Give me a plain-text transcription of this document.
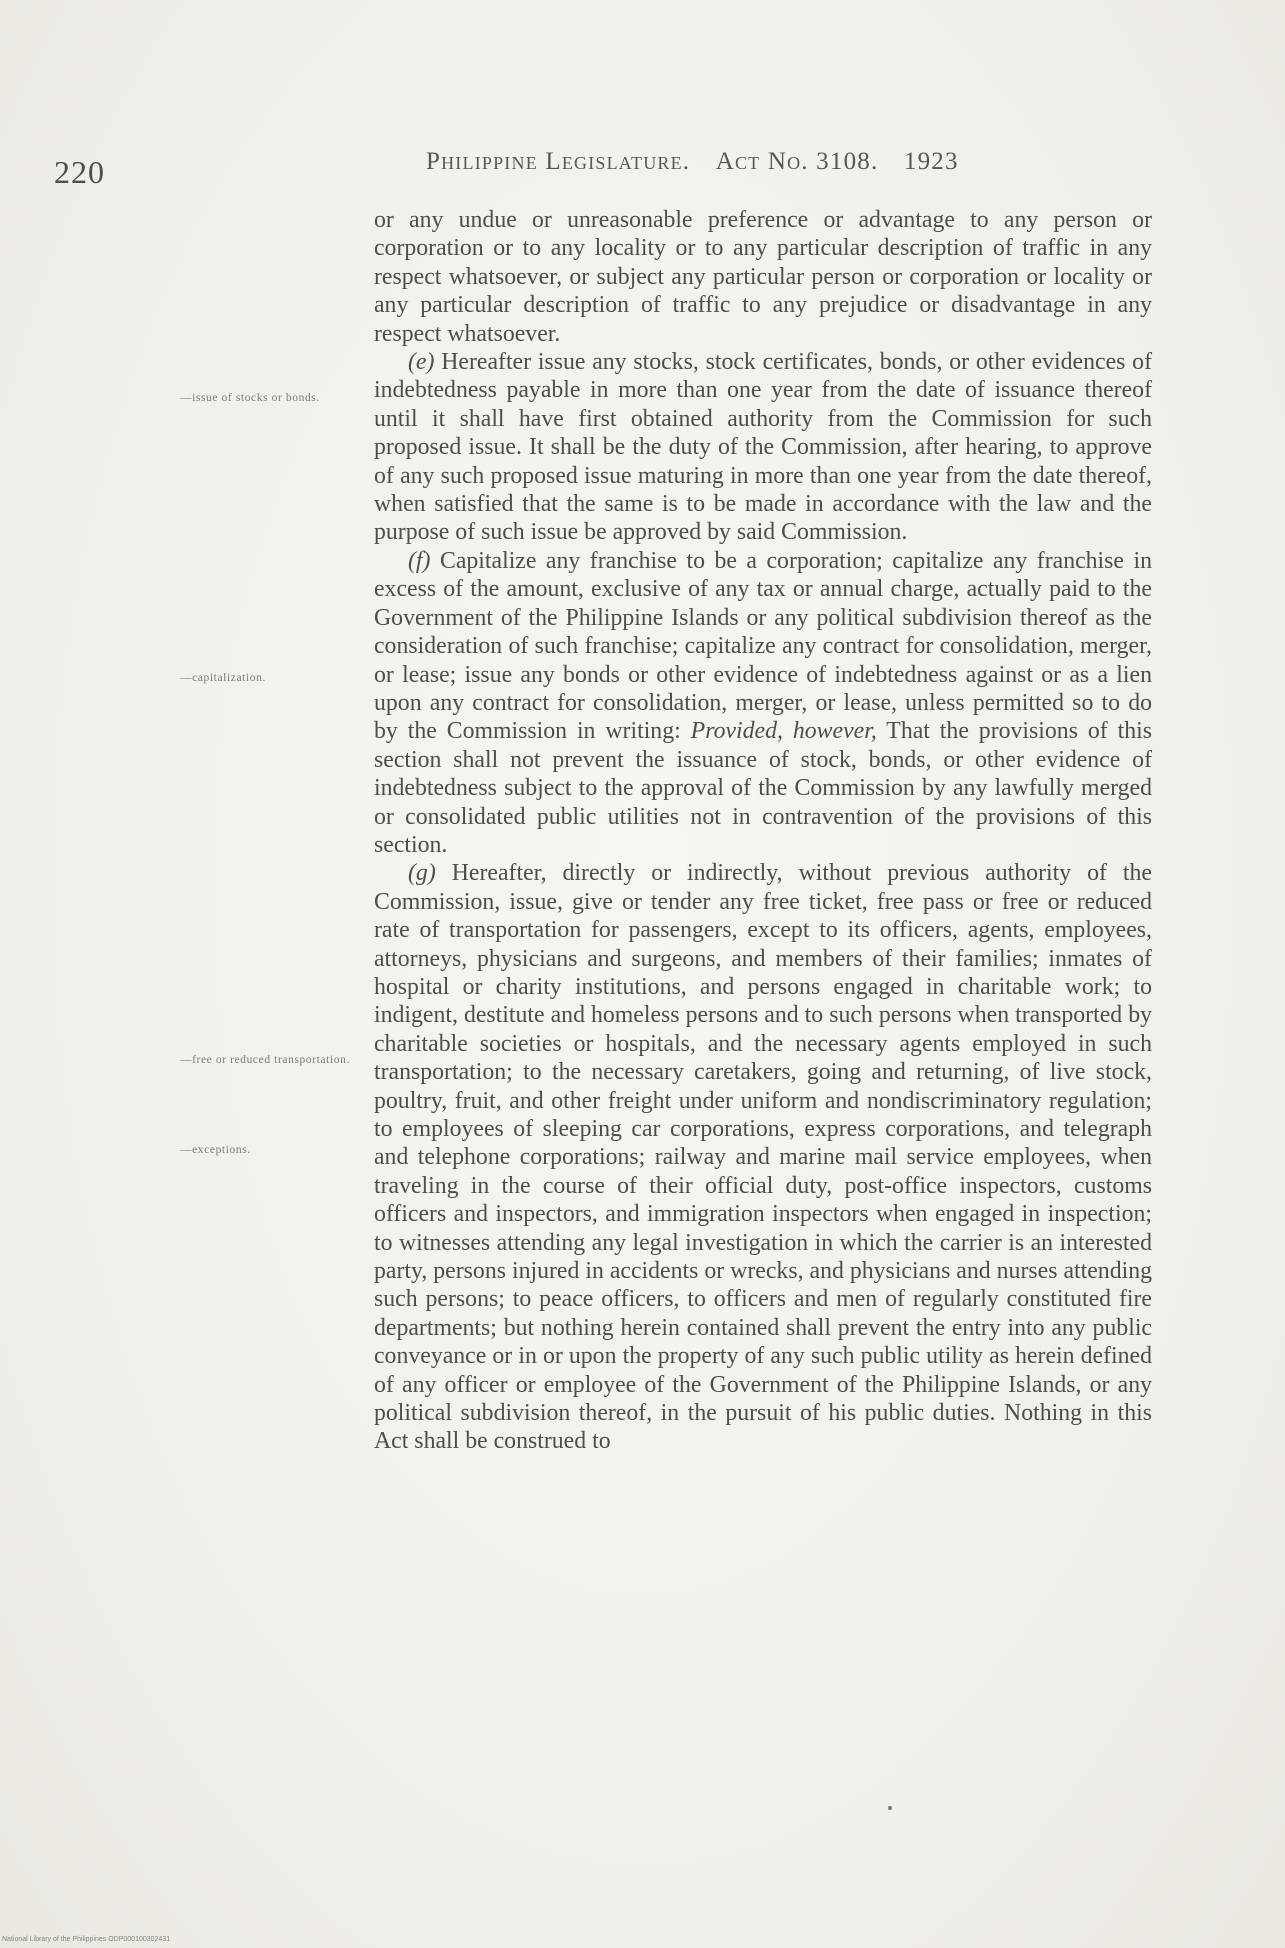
220	Philippine Legislature. Act No. 3108. 1923
—issue of stocks or bonds.
—capitalization.
—free or reduced transportation.
—exceptions.

or any undue or unreasonable preference or advantage to any person or corporation or to any locality or to any particular description of traffic in any respect whatsoever, or subject any particular person or corporation or locality or any particular description of traffic to any prejudice or disadvantage in any respect whatsoever.

(e) Hereafter issue any stocks, stock certificates, bonds, or other evidences of indebtedness payable in more than one year from the date of issuance thereof until it shall have first obtained authority from the Commission for such proposed issue. It shall be the duty of the Commission, after hearing, to approve of any such proposed issue maturing in more than one year from the date thereof, when satisfied that the same is to be made in accordance with the law and the purpose of such issue be approved by said Commission.

(f) Capitalize any franchise to be a corporation; capitalize any franchise in excess of the amount, exclusive of any tax or annual charge, actually paid to the Government of the Philippine Islands or any political subdivision thereof as the consideration of such franchise; capitalize any contract for consolidation, merger, or lease; issue any bonds or other evidence of indebtedness against or as a lien upon any contract for consolidation, merger, or lease, unless permitted so to do by the Commission in writing: Provided, however, That the provisions of this section shall not prevent the issuance of stock, bonds, or other evidence of indebtedness subject to the approval of the Commission by any lawfully merged or consolidated public utilities not in contravention of the provisions of this section.

(g) Hereafter, directly or indirectly, without previous authority of the Commission, issue, give or tender any free ticket, free pass or free or reduced rate of transportation for passengers, except to its officers, agents, employees, attorneys, physicians and surgeons, and members of their families; inmates of hospital or charity institutions, and persons engaged in charitable work; to indigent, destitute and homeless persons and to such persons when transported by charitable societies or hospitals, and the necessary agents employed in such transportation; to the necessary caretakers, going and returning, of live stock, poultry, fruit, and other freight under uniform and nondiscriminatory regulation; to employees of sleeping car corporations, express corporations, and telegraph and telephone corporations; railway and marine mail service employees, when traveling in the course of their official duty, post-office inspectors, customs officers and inspectors, and immigration inspectors when engaged in inspection; to witnesses attending any legal investigation in which the carrier is an interested party, persons injured in accidents or wrecks, and physicians and nurses attending such persons; to peace officers, to officers and men of regularly constituted fire departments; but nothing herein contained shall prevent the entry into any public conveyance or in or upon the property of any such public utility as herein defined of any officer or employee of the Government of the Philippine Islands, or any political subdivision thereof, in the pursuit of his public duties. Nothing in this Act shall be construed to

National Library of the Philippines ODP000100302431
